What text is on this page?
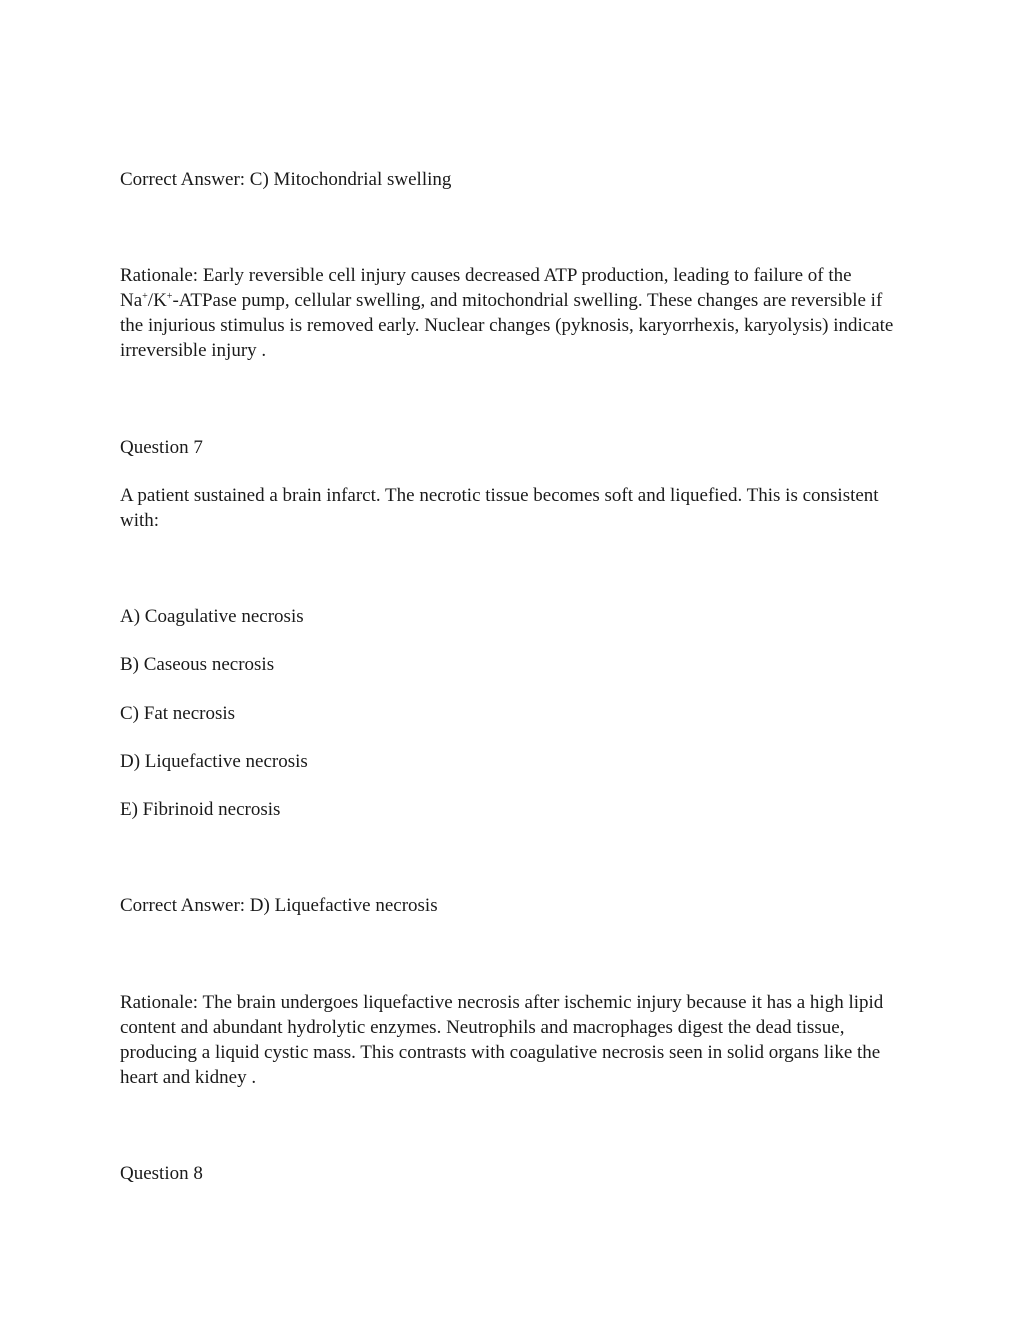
Correct Answer: C) Mitochondrial swelling

Rationale: Early reversible cell injury causes decreased ATP production, leading to failure of the Na+/K+-ATPase pump, cellular swelling, and mitochondrial swelling. These changes are reversible if the injurious stimulus is removed early. Nuclear changes (pyknosis, karyorrhexis, karyolysis) indicate irreversible injury .

Question 7

A patient sustained a brain infarct. The necrotic tissue becomes soft and liquefied. This is consistent with:

A) Coagulative necrosis

B) Caseous necrosis

C) Fat necrosis

D) Liquefactive necrosis

E) Fibrinoid necrosis

Correct Answer: D) Liquefactive necrosis

Rationale: The brain undergoes liquefactive necrosis after ischemic injury because it has a high lipid content and abundant hydrolytic enzymes. Neutrophils and macrophages digest the dead tissue, producing a liquid cystic mass. This contrasts with coagulative necrosis seen in solid organs like the heart and kidney .

Question 8
